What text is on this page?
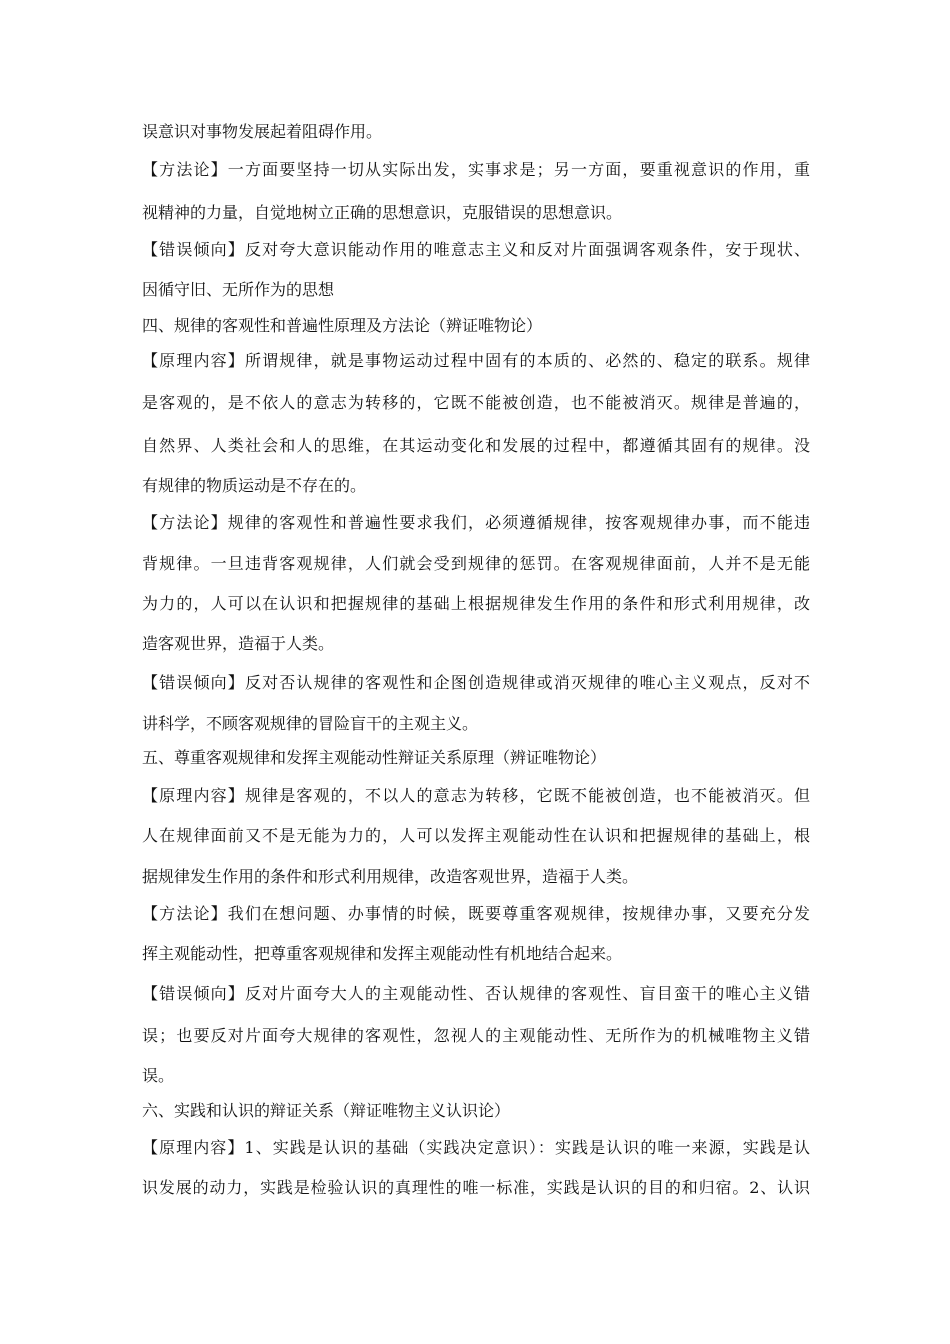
误意识对事物发展起着阻碍作用。
【方法论】一方面要坚持一切从实际出发，实事求是；另一方面，要重视意识的作用，重
视精神的力量，自觉地树立正确的思想意识，克服错误的思想意识。
【错误倾向】反对夸大意识能动作用的唯意志主义和反对片面强调客观条件，安于现状、
因循守旧、无所作为的思想
四、规律的客观性和普遍性原理及方法论（辨证唯物论）
【原理内容】所谓规律，就是事物运动过程中固有的本质的、必然的、稳定的联系。规律
是客观的，是不依人的意志为转移的，它既不能被创造，也不能被消灭。规律是普遍的，
自然界、人类社会和人的思维，在其运动变化和发展的过程中，都遵循其固有的规律。没
有规律的物质运动是不存在的。
【方法论】规律的客观性和普遍性要求我们，必须遵循规律，按客观规律办事，而不能违
背规律。一旦违背客观规律，人们就会受到规律的惩罚。在客观规律面前，人并不是无能
为力的，人可以在认识和把握规律的基础上根据规律发生作用的条件和形式利用规律，改
造客观世界，造福于人类。
【错误倾向】反对否认规律的客观性和企图创造规律或消灭规律的唯心主义观点，反对不
讲科学，不顾客观规律的冒险盲干的主观主义。
五、尊重客观规律和发挥主观能动性辩证关系原理（辨证唯物论）
【原理内容】规律是客观的，不以人的意志为转移，它既不能被创造，也不能被消灭。但
人在规律面前又不是无能为力的，人可以发挥主观能动性在认识和把握规律的基础上，根
据规律发生作用的条件和形式利用规律，改造客观世界，造福于人类。
【方法论】我们在想问题、办事情的时候，既要尊重客观规律，按规律办事，又要充分发
挥主观能动性，把尊重客观规律和发挥主观能动性有机地结合起来。
【错误倾向】反对片面夸大人的主观能动性、否认规律的客观性、盲目蛮干的唯心主义错
误；也要反对片面夸大规律的客观性，忽视人的主观能动性、无所作为的机械唯物主义错
误。
六、实践和认识的辩证关系（辩证唯物主义认识论）
【原理内容】1、实践是认识的基础（实践决定意识）：实践是认识的唯一来源，实践是认
识发展的动力，实践是检验认识的真理性的唯一标准，实践是认识的目的和归宿。2、认识
